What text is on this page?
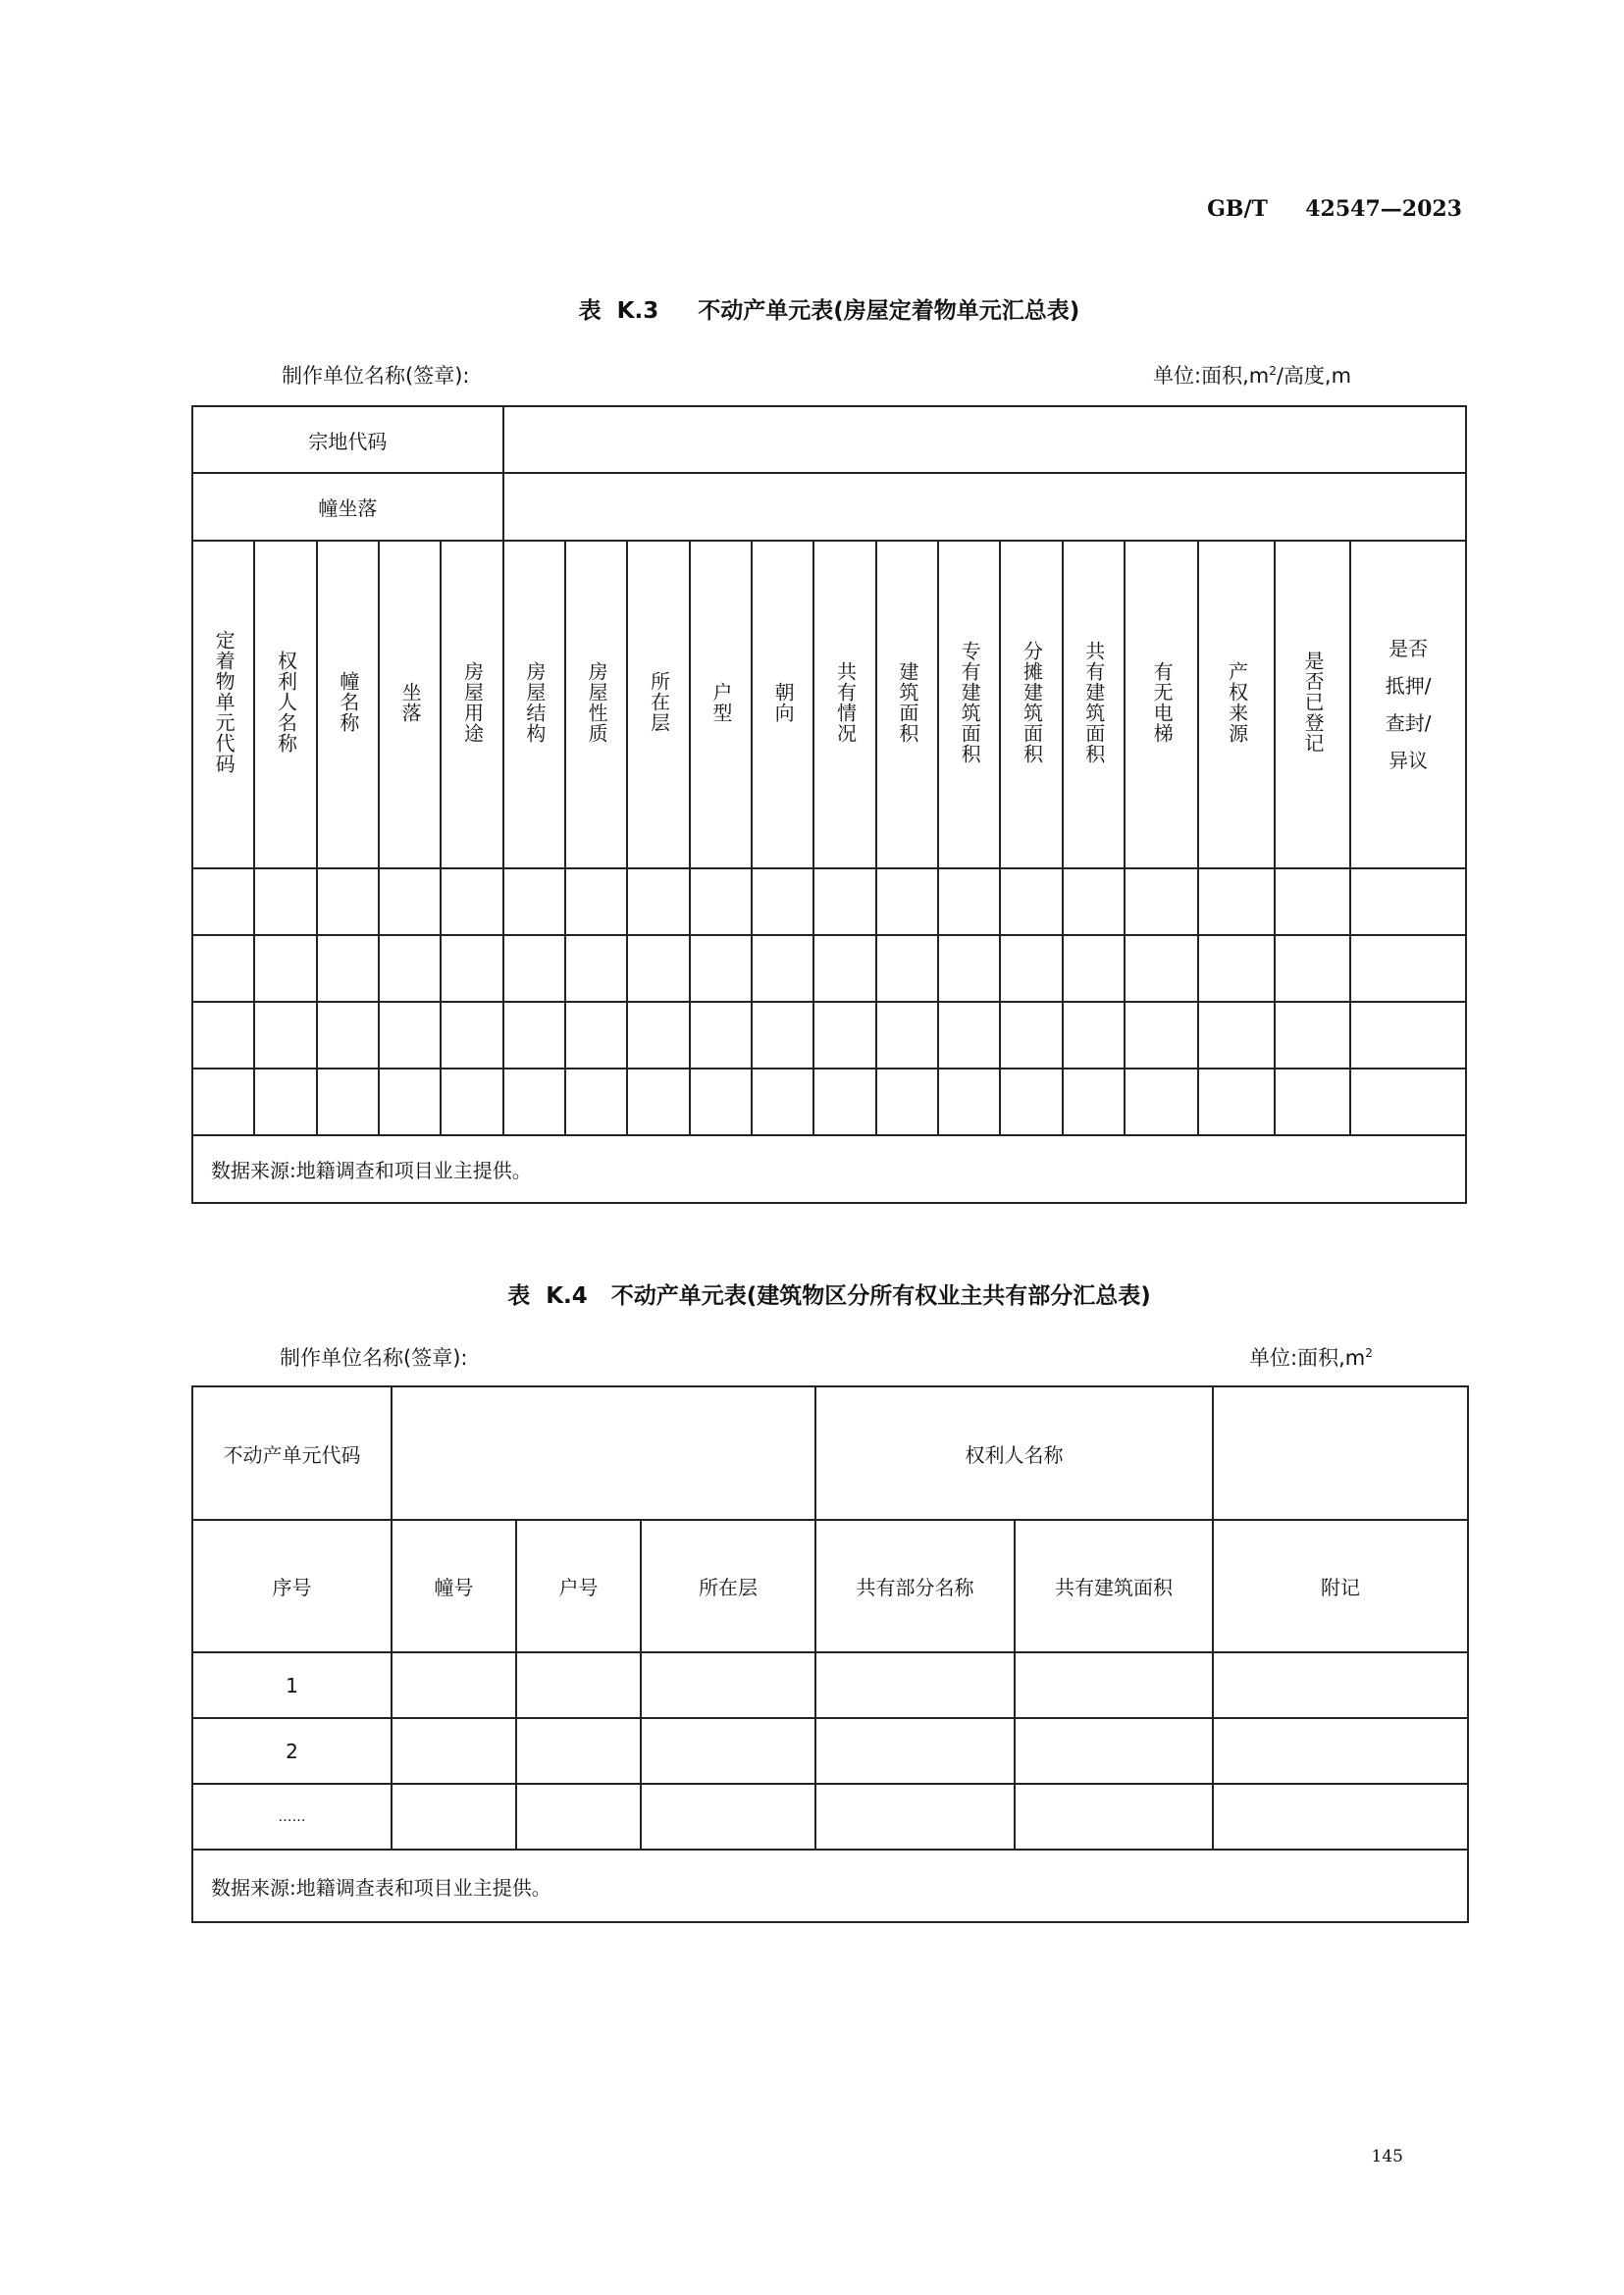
GB/T     42547—2023
表  K.3     不动产单元表(房屋定着物单元汇总表)
制作单位名称(签章):	单位:面积$,m^2/$高度,m
宗地代码																		
幢坐落																		
定着物单元代码	权利人名称	幢名称	坐落	房屋用途	房屋结构	房屋性质	所在层	户型	朝向	共有情况	建筑面积	专有建筑面积	分摊建筑面积	共有建筑面积	有无电梯	产权来源	是否已登记	是否
抵押/
查封/
异议

数据来源:地籍调查和项目业主提供。																		
表  K.4   不动产单元表(建筑物区分所有权业主共有部分汇总表)
制作单位名称(签章):	单位:面积$,m^2$
不动产单元代码				权利人名称		
序号	幢号	户号	所在层	共有部分名称	共有建筑面积	附记
1						
2						
……						
数据来源:地籍调查表和项目业主提供。						
145
